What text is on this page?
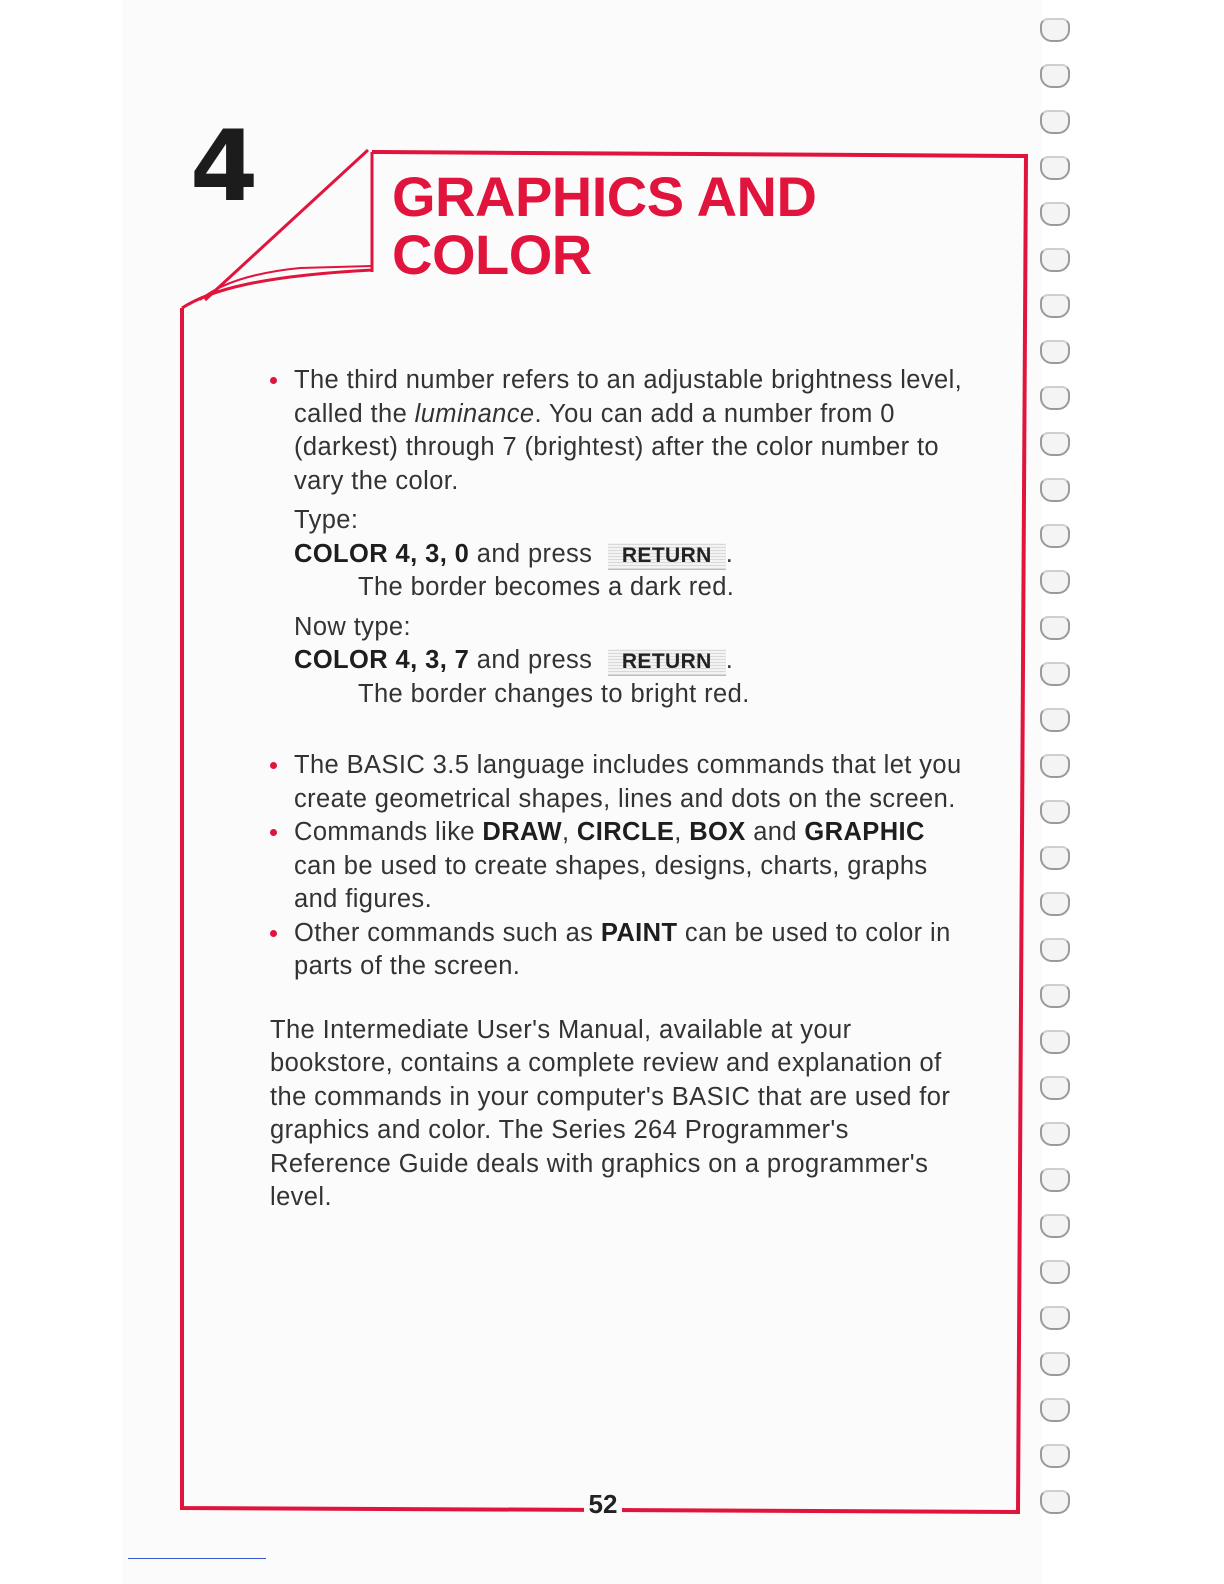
4 GRAPHICS AND
COLOR
The third number refers to an adjustable brightness level, called the luminance. You can add a number from 0 (darkest) through 7 (brightest) after the color number to vary the color.
Type:
COLOR 4, 3, 0 and press RETURN .
The border becomes a dark red.
Now type:
COLOR 4, 3, 7 and press RETURN .
The border changes to bright red.
The BASIC 3.5 language includes commands that let you create geometrical shapes, lines and dots on the screen.
Commands like DRAW, CIRCLE, BOX and GRAPHIC can be used to create shapes, designs, charts, graphs and figures.
Other commands such as PAINT can be used to color in parts of the screen.

The Intermediate User's Manual, available at your bookstore, contains a complete review and explanation of the commands in your computer's BASIC that are used for graphics and color. The Series 264 Programmer's Reference Guide deals with graphics on a programmer's level.

52
